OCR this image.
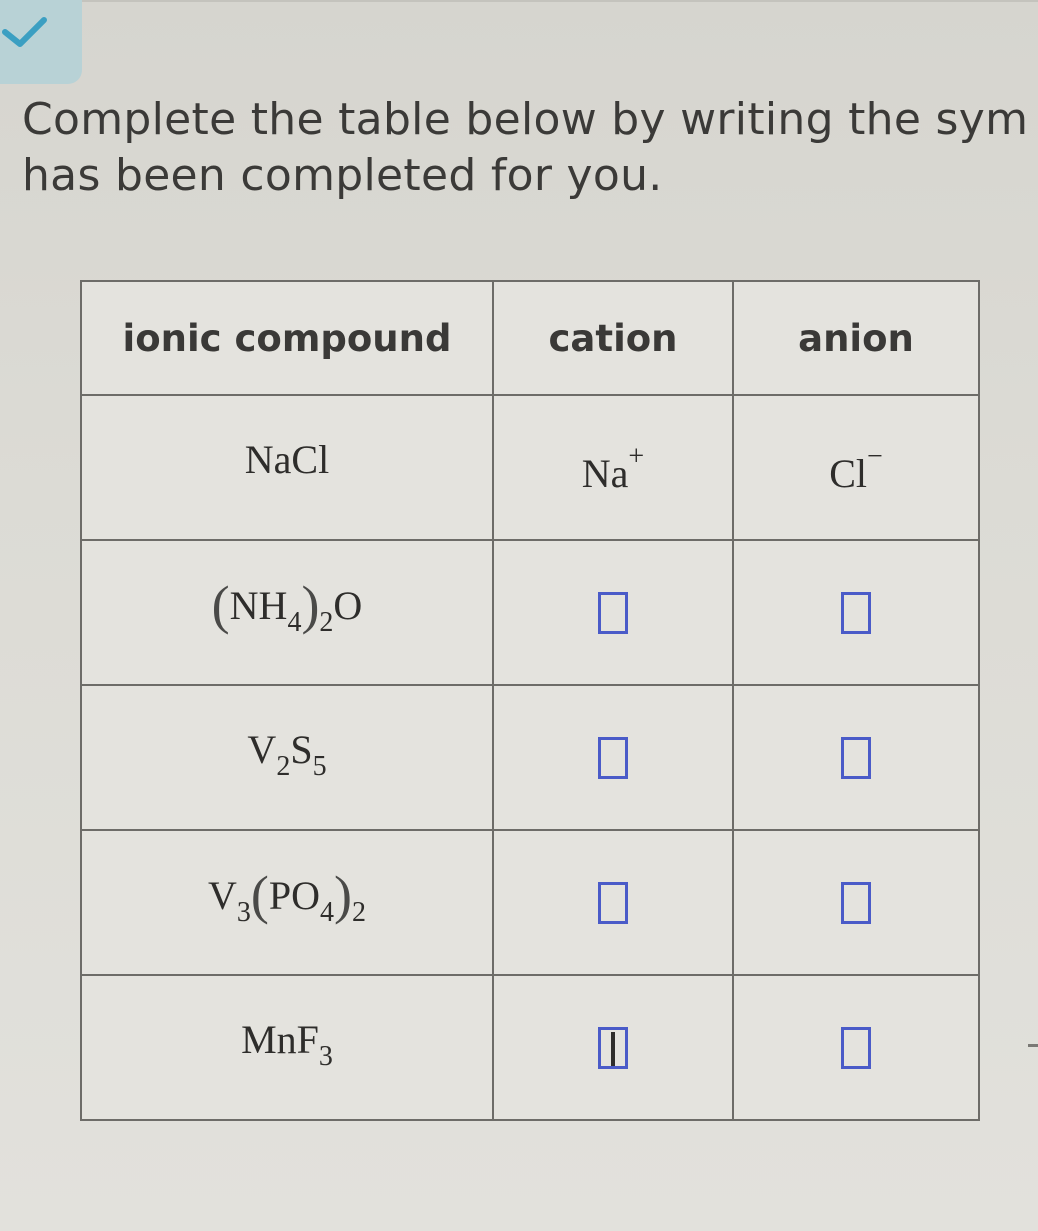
Complete the table below by writing the sym
has been completed for you.
ionic compound	cation	anion
NaCl	Na+	Cl−
$(NH_4)_2O$		
$V_2S_5$		
$V_3(PO_4)_2$		
MnF$_3$		
